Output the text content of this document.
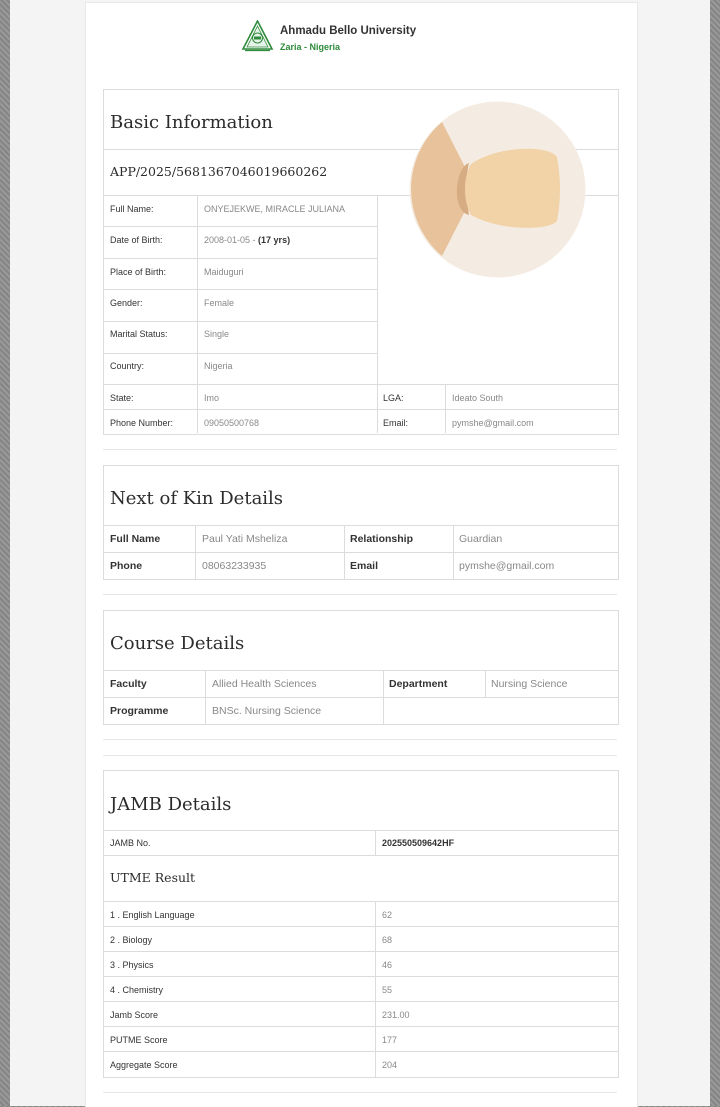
Ahmadu Bello University
Zaria - Nigeria
Basic Information
APP/2025/5681367046019660262
Full Name:	ONYEJEKWE, MIRACLE JULIANA
Date of Birth:	2008-01-05 - (17 yrs)
Place of Birth:	Maiduguri
Gender:	Female
Marital Status:	Single
Country:	Nigeria
State:	Imo	LGA:	Ideato South
Phone Number:	09050500768	Email:	pymshe@gmail.com
Next of Kin Details
Full Name	Paul Yati Msheliza	Relationship	Guardian
Phone	08063233935	Email	pymshe@gmail.com
Course Details
Faculty	Allied Health Sciences	Department	Nursing Science
Programme	BNSc. Nursing Science
JAMB Details
JAMB No.	202550509642HF
UTME Result
1 . English Language	62
2 . Biology	68
3 . Physics	46
4 . Chemistry	55
Jamb Score	231.00
PUTME Score	177
Aggregate Score	204
